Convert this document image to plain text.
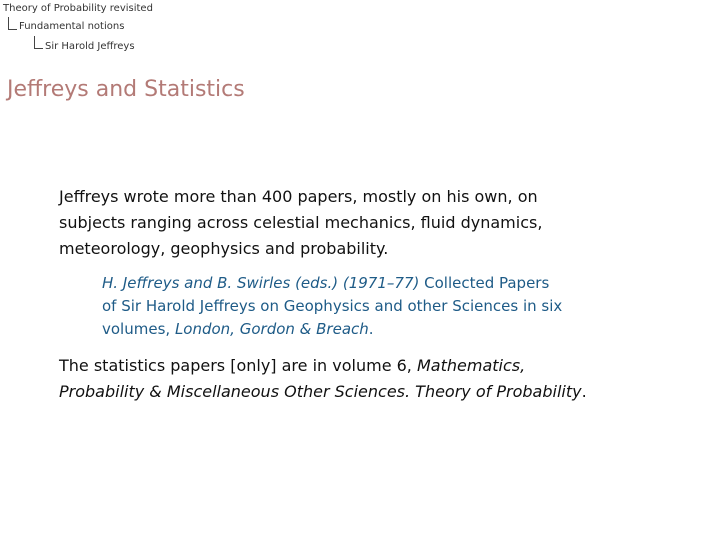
Theory of Probability revisited
Fundamental notions
Sir Harold Jeffreys
Jeffreys and Statistics

Jeffreys wrote more than 400 papers, mostly on his own, on
subjects ranging across celestial mechanics, fluid dynamics,
meteorology, geophysics and probability.

H. Jeffreys and B. Swirles (eds.) (1971–77) Collected Papers
of Sir Harold Jeffreys on Geophysics and other Sciences in six
volumes, London, Gordon & Breach.

The statistics papers [only] are in volume 6, Mathematics,
Probability & Miscellaneous Other Sciences. Theory of Probability.
